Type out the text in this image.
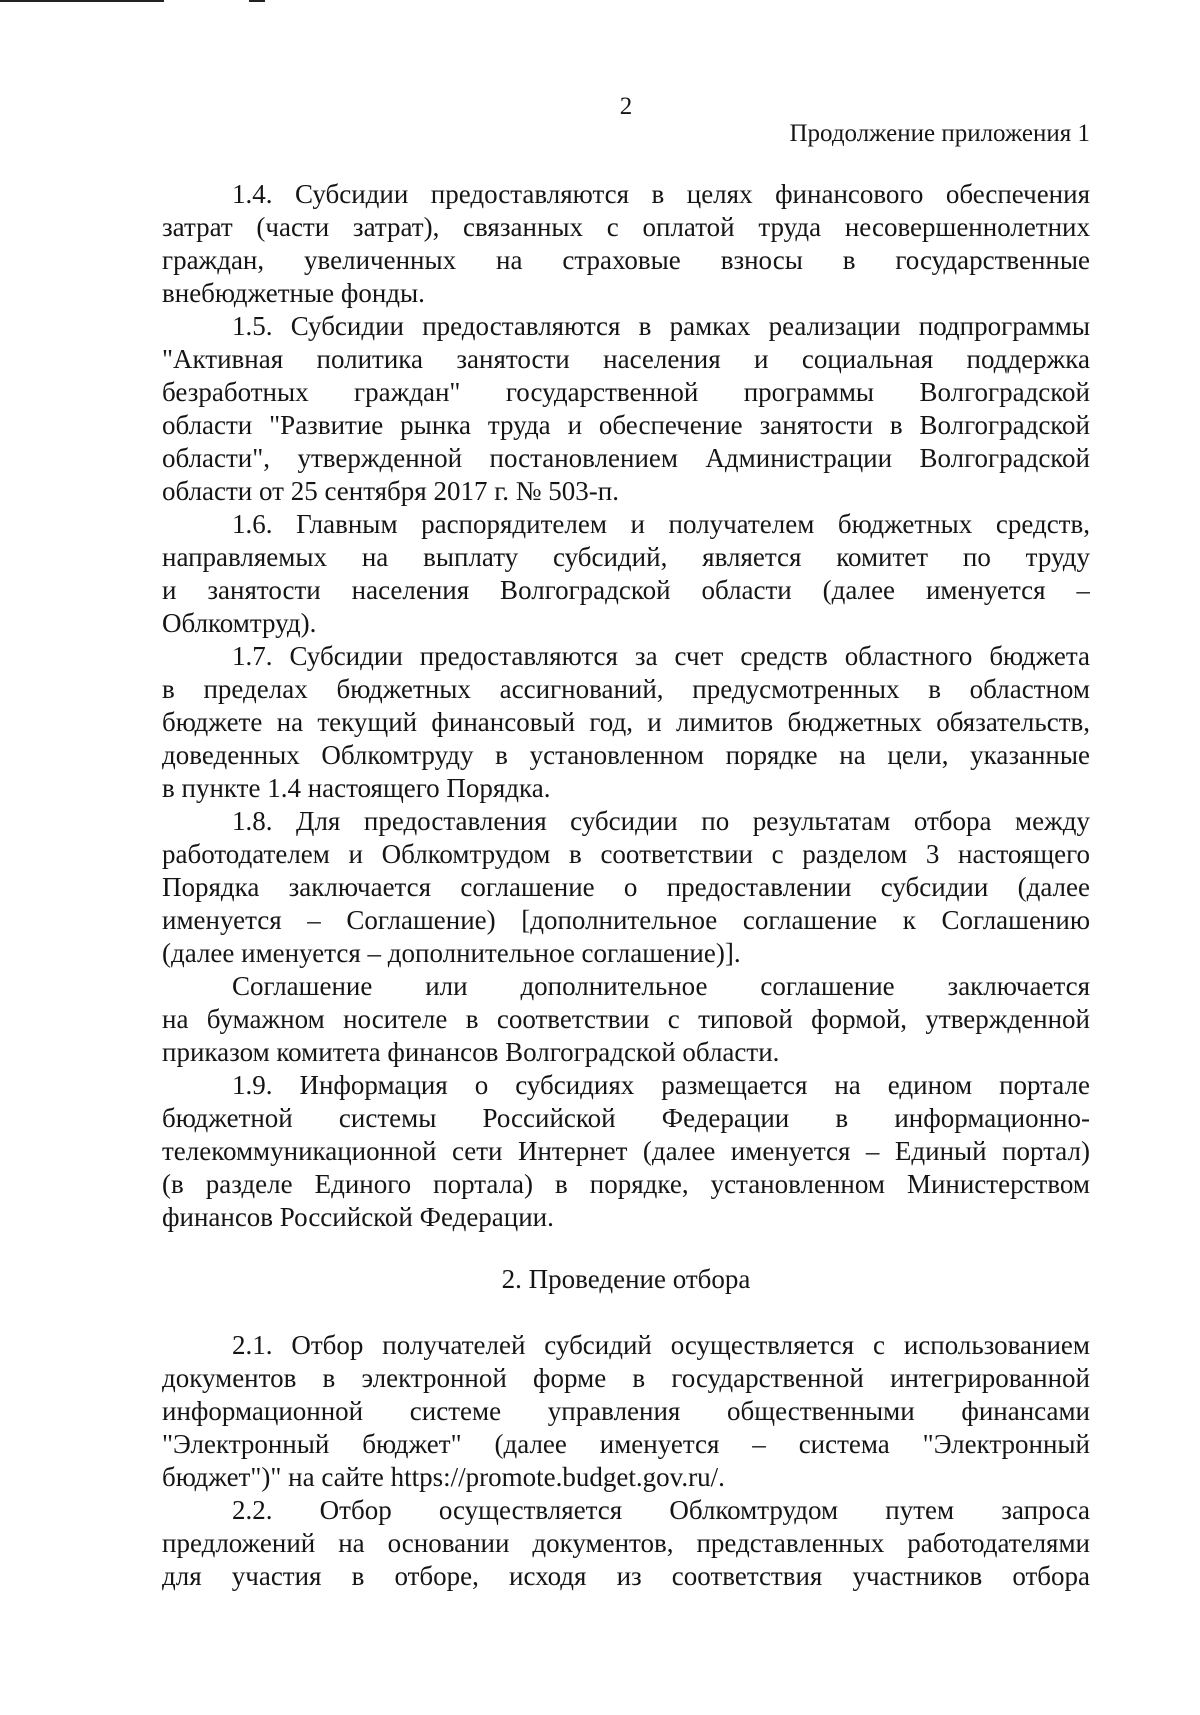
2
Продолжение приложения 1
1.4. Субсидии предоставляются в целях финансового обеспечения
затрат (части затрат), связанных с оплатой труда несовершеннолетних
граждан, увеличенных на страховые взносы в государственные
внебюджетные фонды.
1.5. Субсидии предоставляются в рамках реализации подпрограммы
"Активная политика занятости населения и социальная поддержка
безработных граждан" государственной программы Волгоградской
области "Развитие рынка труда и обеспечение занятости в Волгоградской
области", утвержденной постановлением Администрации Волгоградской
области от 25 сентября 2017 г. № 503-п.
1.6. Главным распорядителем и получателем бюджетных средств,
направляемых на выплату субсидий, является комитет по труду
и занятости населения Волгоградской области (далее именуется –
Облкомтруд).
1.7. Субсидии предоставляются за счет средств областного бюджета
в пределах бюджетных ассигнований, предусмотренных в областном
бюджете на текущий финансовый год, и лимитов бюджетных обязательств,
доведенных Облкомтруду в установленном порядке на цели, указанные
в пункте 1.4 настоящего Порядка.
1.8. Для предоставления субсидии по результатам отбора между
работодателем и Облкомтрудом в соответствии с разделом 3 настоящего
Порядка заключается соглашение о предоставлении субсидии (далее
именуется – Соглашение) [дополнительное соглашение к Соглашению
(далее именуется – дополнительное соглашение)].
Соглашение или дополнительное соглашение заключается
на бумажном носителе в соответствии с типовой формой, утвержденной
приказом комитета финансов Волгоградской области.
1.9. Информация о субсидиях размещается на едином портале
бюджетной системы Российской Федерации в информационно-
телекоммуникационной сети Интернет (далее именуется – Единый портал)
(в разделе Единого портала) в порядке, установленном Министерством
финансов Российской Федерации.
2. Проведение отбора
2.1. Отбор получателей субсидий осуществляется с использованием
документов в электронной форме в государственной интегрированной
информационной системе управления общественными финансами
"Электронный бюджет" (далее именуется – система "Электронный
бюджет")" на сайте https://promote.budget.gov.ru/.
2.2. Отбор осуществляется Облкомтрудом путем запроса
предложений на основании документов, представленных работодателями
для участия в отборе, исходя из соответствия участников отбора
